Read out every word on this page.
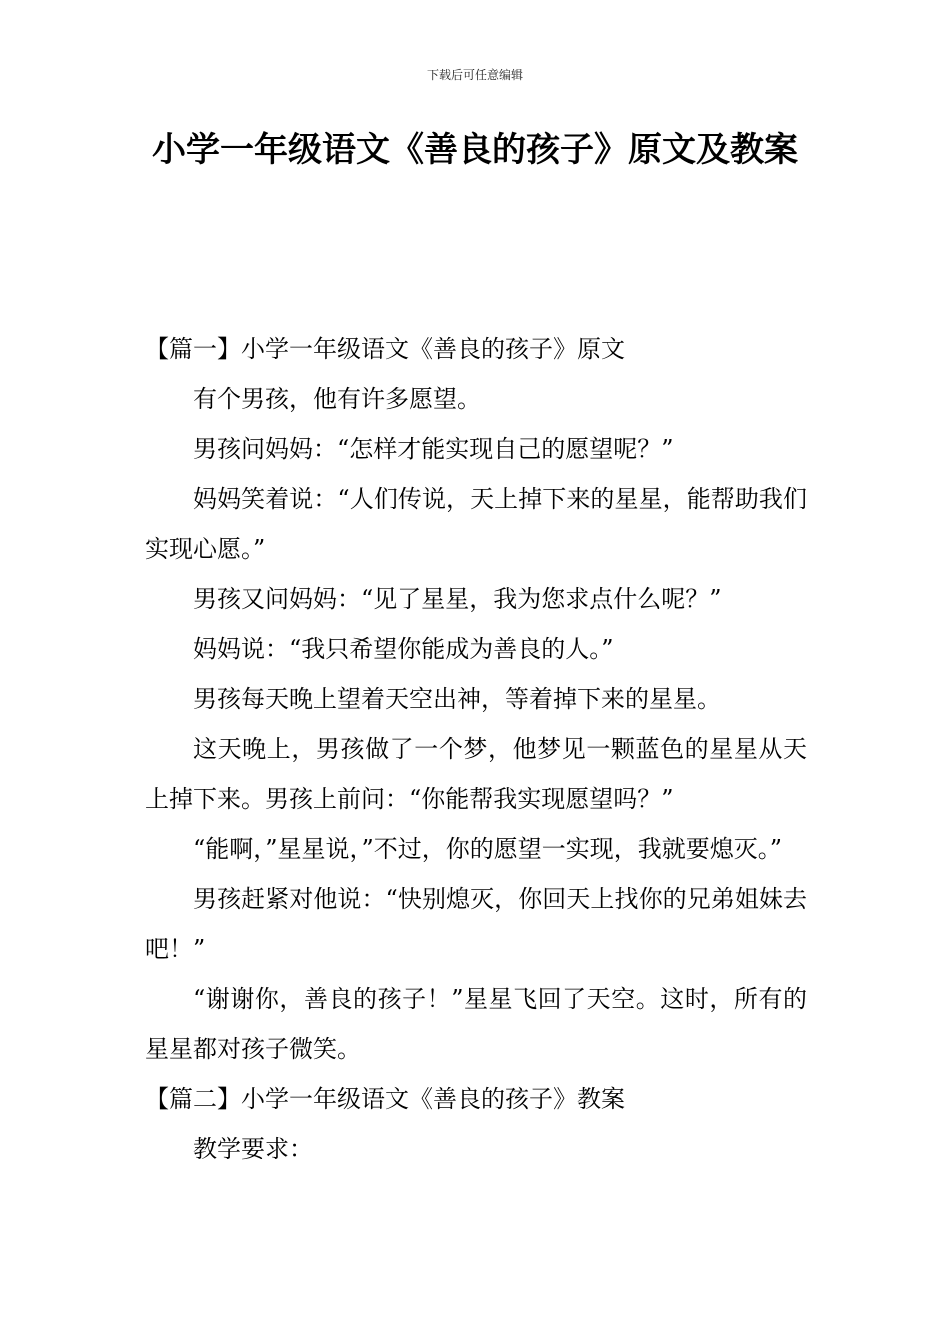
下载后可任意编辑
小学一年级语文《善良的孩子》原文及教案

【篇一】小学一年级语文《善良的孩子》原文

有个男孩，他有许多愿望。

男孩问妈妈：“怎样才能实现自己的愿望呢？”

妈妈笑着说：“人们传说，天上掉下来的星星，能帮助我们实现心愿。”

男孩又问妈妈：“见了星星，我为您求点什么呢？”

妈妈说：“我只希望你能成为善良的人。”

男孩每天晚上望着天空出神，等着掉下来的星星。

这天晚上，男孩做了一个梦，他梦见一颗蓝色的星星从天上掉下来。男孩上前问：“你能帮我实现愿望吗？”

“能啊，”星星说，”不过，你的愿望一实现，我就要熄灭。”

男孩赶紧对他说：“快别熄灭，你回天上找你的兄弟姐妹去吧！”

“谢谢你，善良的孩子！”星星飞回了天空。这时，所有的星星都对孩子微笑。

【篇二】小学一年级语文《善良的孩子》教案

教学要求：
